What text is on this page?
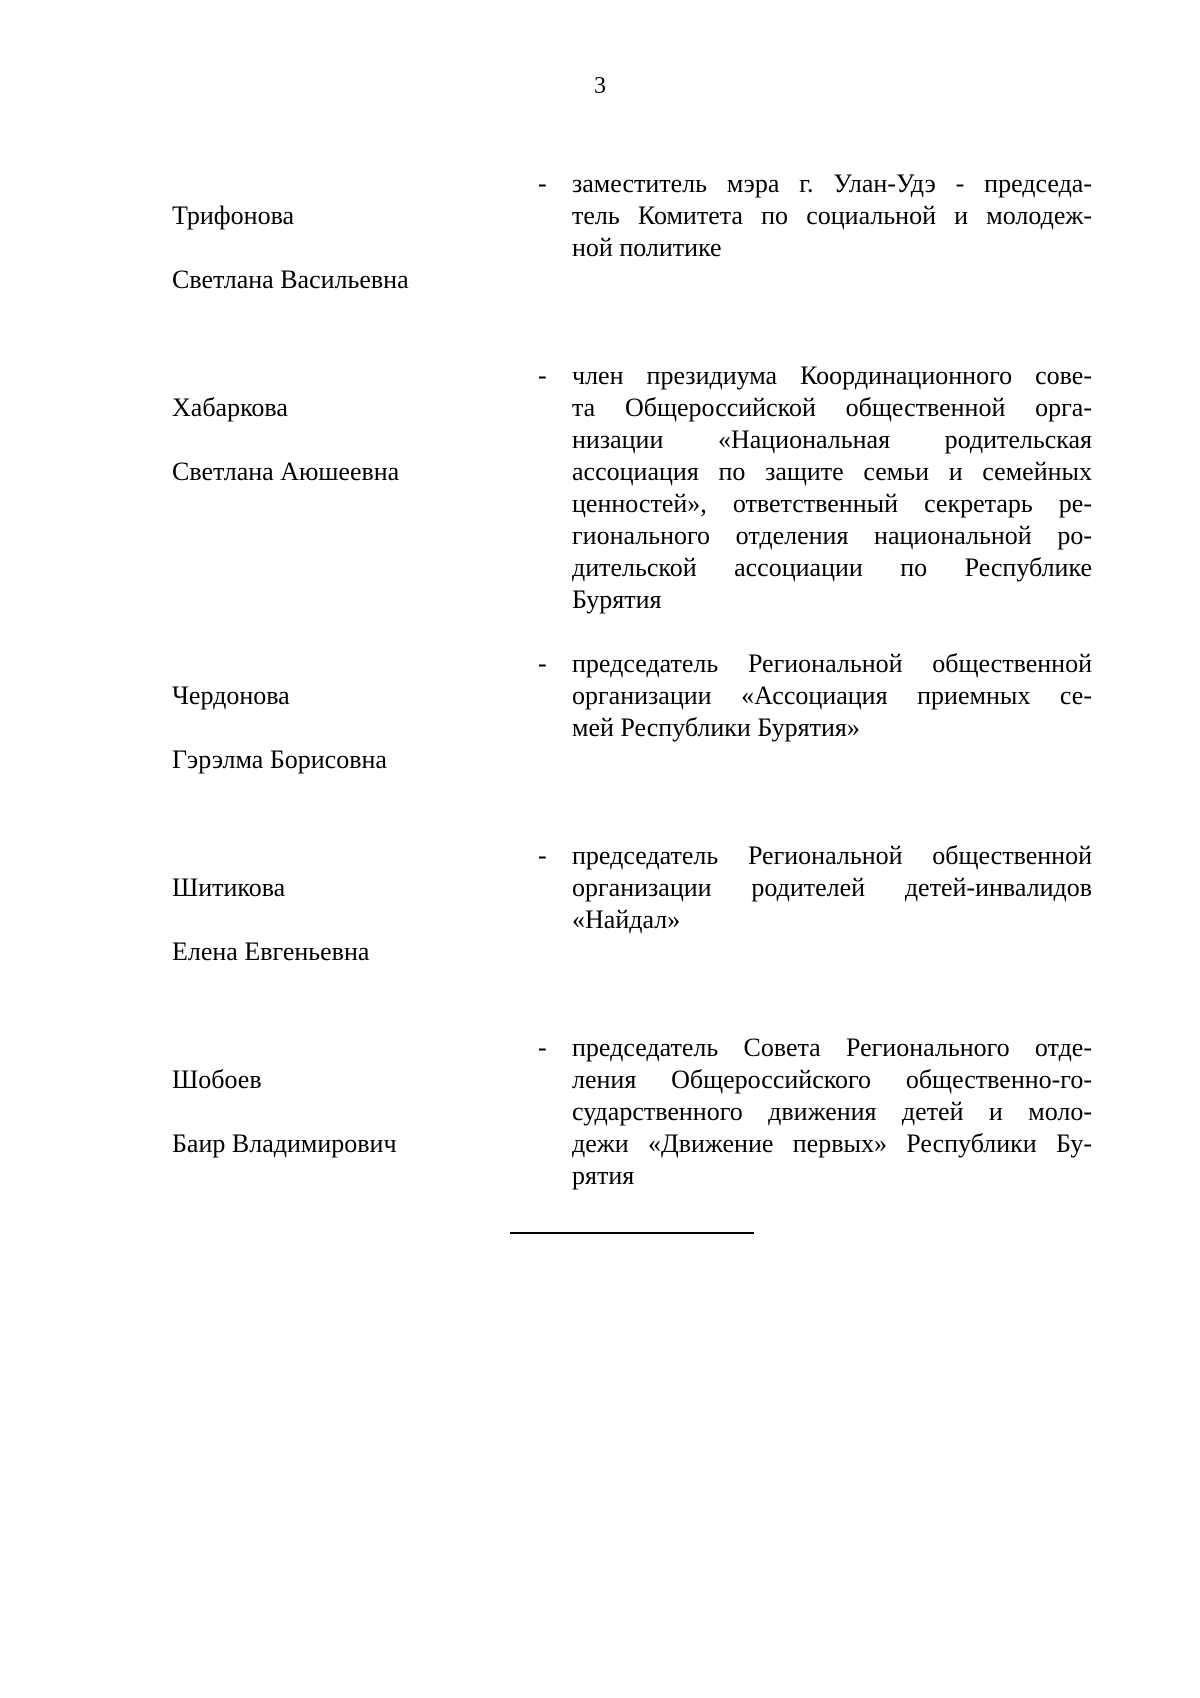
3

Трифонова

Светлана Васильевна

- заместитель мэра г. Улан-Удэ - председа-
тель Комитета по социальной и молодеж-
ной политике

Хабаркова

Светлана Аюшеевна

- член президиума Координационного сове-
та Общероссийской общественной орга-
низации «Национальная родительская
ассоциация по защите семьи и семейных
ценностей», ответственный секретарь ре-
гионального отделения национальной ро-
дительской ассоциации по Республике
Бурятия

Чердонова

Гэрэлма Борисовна

- председатель Региональной общественной
организации «Ассоциация приемных се-
мей Республики Бурятия»

Шитикова

Елена Евгеньевна

- председатель Региональной общественной
организации родителей детей-инвалидов
«Найдал»

Шобоев

Баир Владимирович

- председатель Совета Регионального отде-
ления Общероссийского общественно-го-
сударственного движения детей и моло-
дежи «Движение первых» Республики Бу-
рятия
